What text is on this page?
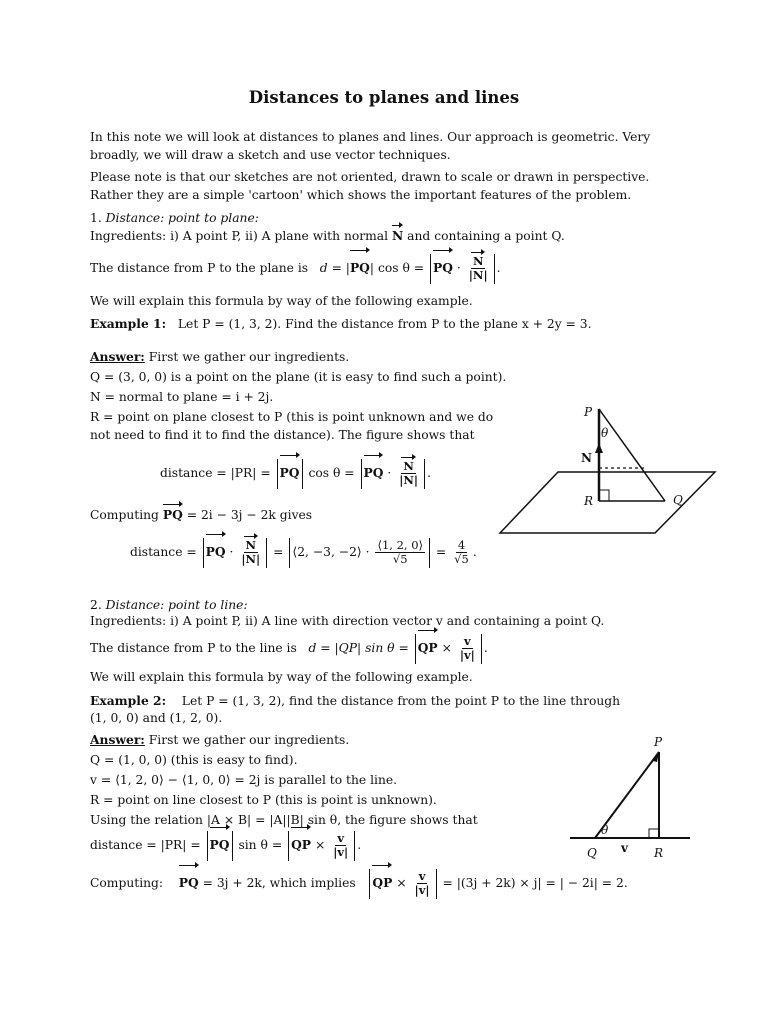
Distances to planes and lines
In this note we will look at distances to planes and lines. Our approach is geometric. Very
broadly, we will draw a sketch and use vector techniques.
Please note is that our sketches are not oriented, drawn to scale or drawn in perspective.
Rather they are a simple 'cartoon' which shows the important features of the problem.
1. Distance: point to plane:
Ingredients: i) A point P, ii) A plane with normal N and containing a point Q.
The distance from P to the plane is d = |PQ| cos θ = PQ · $\frac{N}{|N|}$ .
We will explain this formula by way of the following example.
Example 1: Let P = (1, 3, 2). Find the distance from P to the plane x + 2y = 3.
Answer: First we gather our ingredients.
Q = (3, 0, 0) is a point on the plane (it is easy to find such a point).
N = normal to plane = i + 2j.
R = point on plane closest to P (this is point unknown and we do
not need to find it to find the distance). The figure shows that
distance = |PR| = PQ cos θ = PQ · $\frac{N}{|N|}$ .
Computing PQ = 2i − 3j − 2k gives
distance = PQ · $\frac{N}{|N|}$ = ⟨2, −3, −2⟩ · $\frac{⟨1, 2, 0⟩}{√5} = \frac{4}{√5}$ .
P
θ
N
R	Q
2. Distance: point to line:
Ingredients: i) A point P, ii) A line with direction vector v and containing a point Q.
The distance from P to the line is d = |QP| sin θ = QP × $\frac{v}{|v|}$ .
We will explain this formula by way of the following example.
Example 2: Let P = (1, 3, 2), find the distance from the point P to the line through
(1, 0, 0) and (1, 2, 0).
Answer: First we gather our ingredients.
Q = (1, 0, 0) (this is easy to find).
v = ⟨1, 2, 0⟩ − ⟨1, 0, 0⟩ = 2j is parallel to the line.
R = point on line closest to P (this is point is unknown).
Using the relation |A × B| = |A||B| sin θ, the figure shows that
distance = |PR| = PQ sin θ = QP × $\frac{v}{|v|}$ .
Computing: PQ = 3j + 2k, which implies QP × $\frac{v}{|v|} = |(3j + 2k) \times j|$ = | − 2i| = 2.
P
θ
Q v R
